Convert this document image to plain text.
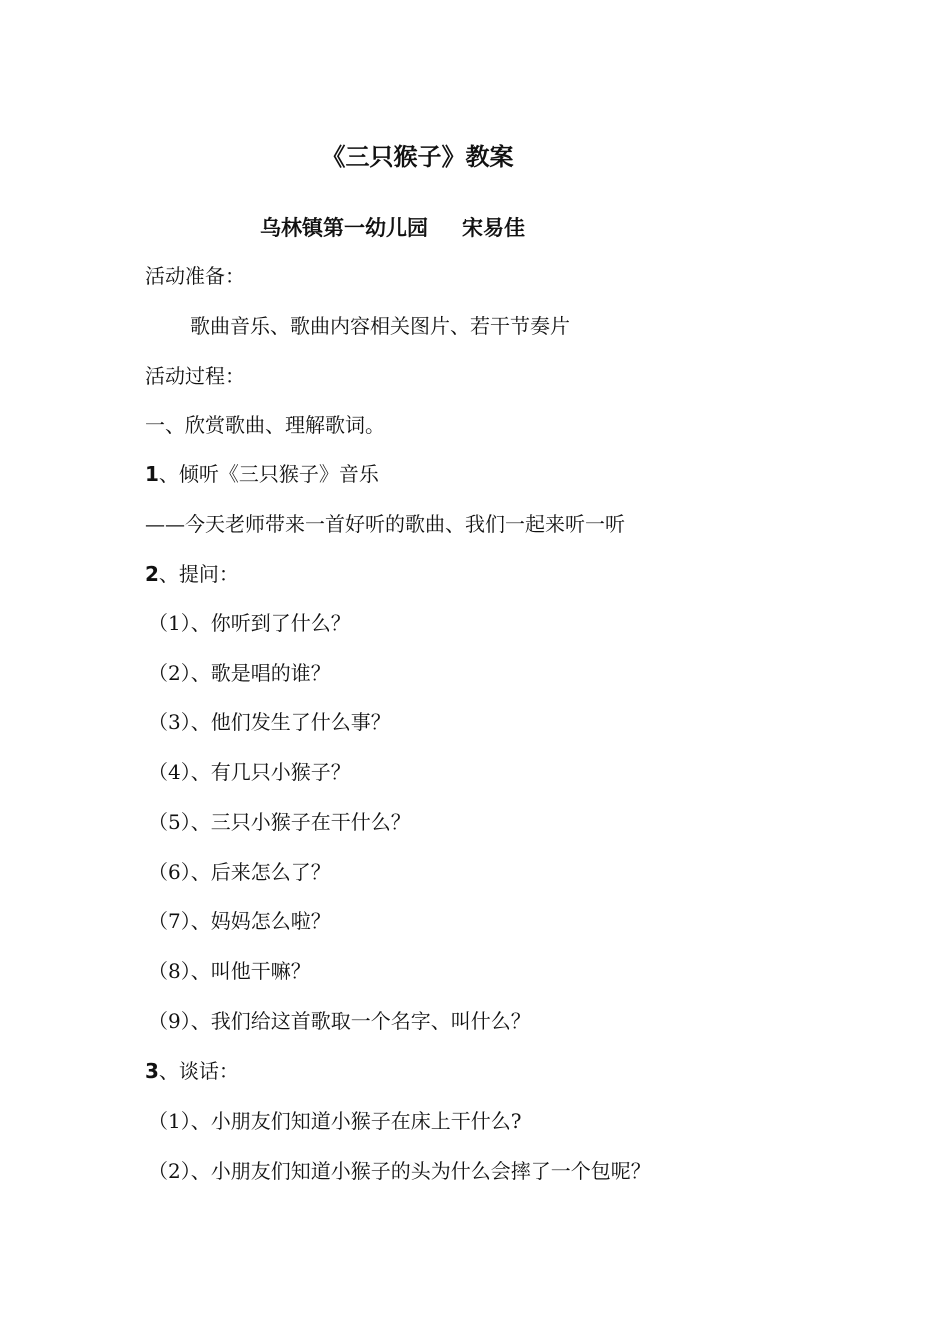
《三只猴子》教案
乌林镇第一幼儿园 宋易佳
活动准备：
歌曲音乐、歌曲内容相关图片、若干节奏片
活动过程：
一、欣赏歌曲、理解歌词。
1、倾听《三只猴子》音乐
——今天老师带来一首好听的歌曲、我们一起来听一听
2、提问：
（1）、你听到了什么？
（2）、歌是唱的谁？
（3）、他们发生了什么事？
（4）、有几只小猴子？
（5）、三只小猴子在干什么？
（6）、后来怎么了？
（7）、妈妈怎么啦？
（8）、叫他干嘛？
（9）、我们给这首歌取一个名字、叫什么？
3、谈话：
（1）、小朋友们知道小猴子在床上干什么?
（2）、小朋友们知道小猴子的头为什么会摔了一个包呢？
